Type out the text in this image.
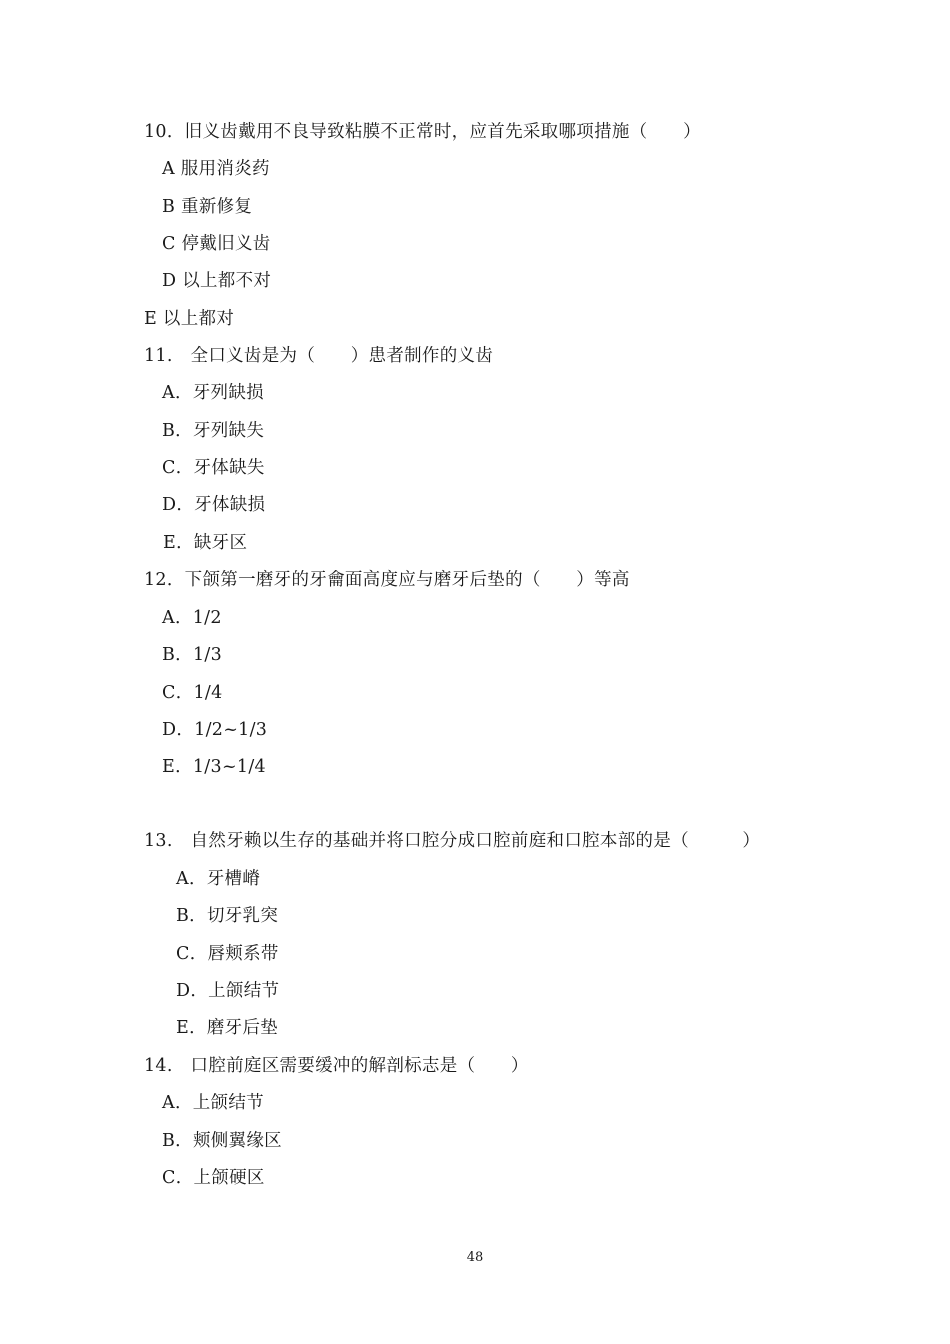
10．旧义齿戴用不良导致粘膜不正常时，应首先采取哪项措施（　　）
A 服用消炎药
B 重新修复
C 停戴旧义齿
D 以上都不对
E 以上都对
11.　全口义齿是为（　　）患者制作的义齿
A．牙列缺损
B．牙列缺失
C．牙体缺失
D．牙体缺损
E．缺牙区
12．下颌第一磨牙的牙龠面高度应与磨牙后垫的（　　）等高
A．1/2
B．1/3
C．1/4
D．1/2~1/3
E．1/3~1/4
13.　自然牙赖以生存的基础并将口腔分成口腔前庭和口腔本部的是（　　　）
A．牙槽嵴
B．切牙乳突
C．唇颊系带
D．上颌结节
E．磨牙后垫
14.　口腔前庭区需要缓冲的解剖标志是（　　）
A．上颌结节
B．颊侧翼缘区
C．上颌硬区
48
